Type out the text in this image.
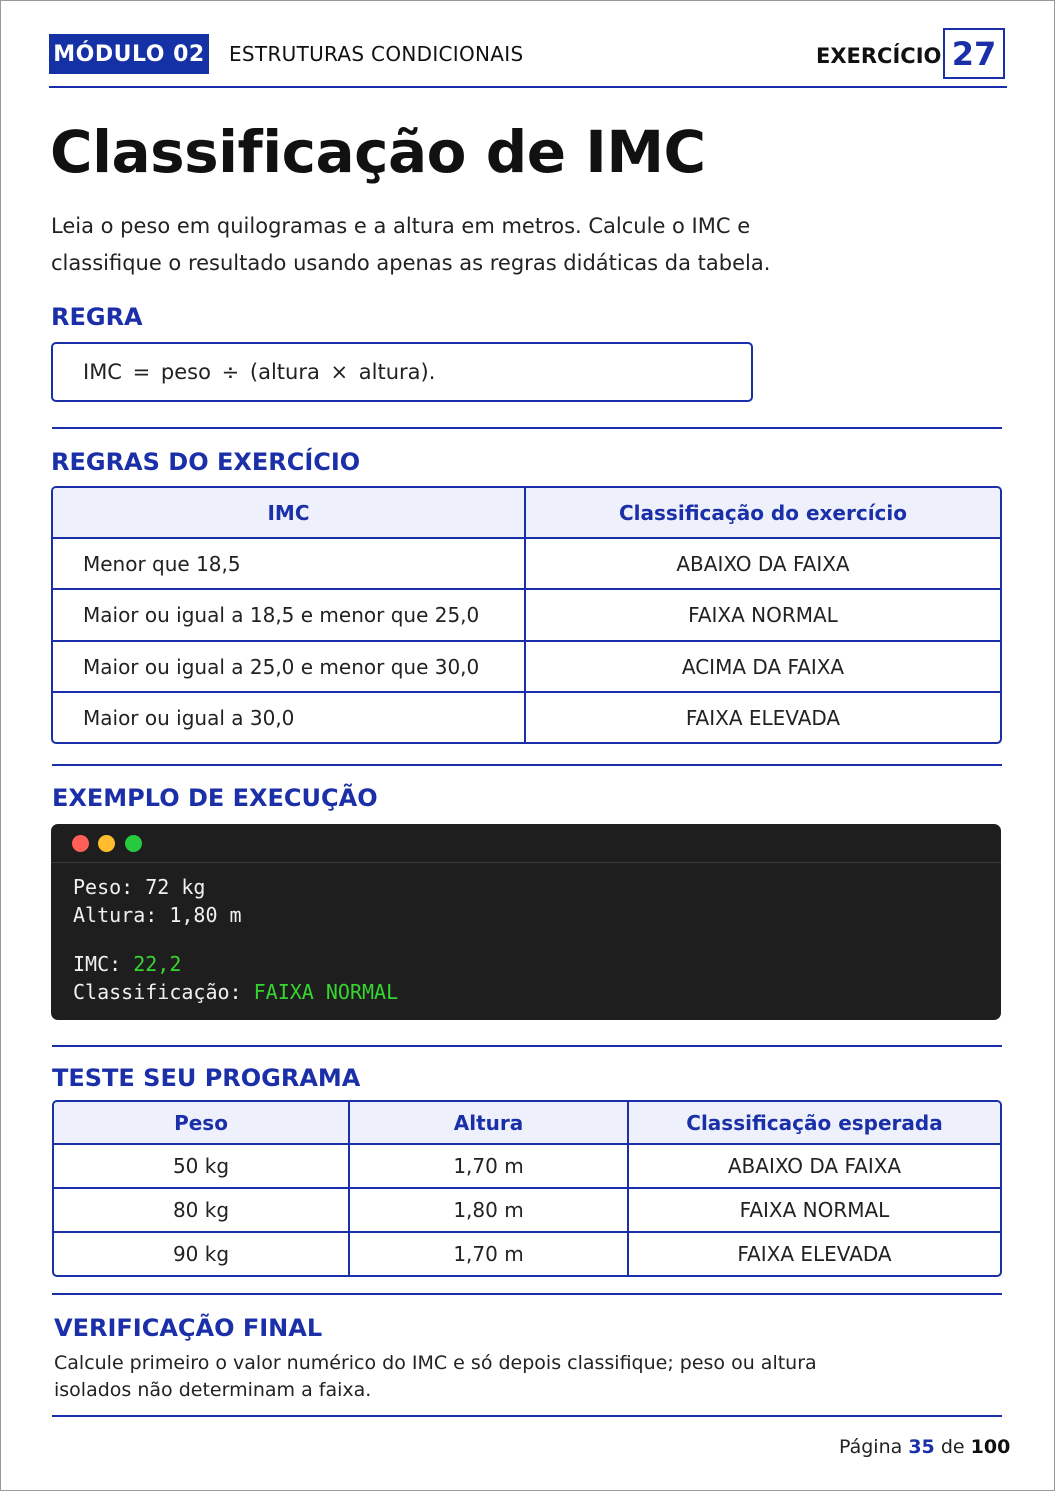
MÓDULO 02 ESTRUTURAS CONDICIONAIS	EXERCÍCIO 27
Classificação de IMC
Leia o peso em quilogramas e a altura em metros. Calcule o IMC e
classifique o resultado usando apenas as regras didáticas da tabela.
REGRA
IMC = peso ÷ (altura × altura).
REGRAS DO EXERCÍCIO
IMC	Classificação do exercício
Menor que 18,5	ABAIXO DA FAIXA
Maior ou igual a 18,5 e menor que 25,0	FAIXA NORMAL
Maior ou igual a 25,0 e menor que 30,0	ACIMA DA FAIXA
Maior ou igual a 30,0	FAIXA ELEVADA
EXEMPLO DE EXECUÇÃO
Peso: 72 kg
Altura: 1,80 m
IMC: 22,2
Classificação: FAIXA NORMAL
TESTE SEU PROGRAMA
Peso	Altura	Classificação esperada
50 kg	1,70 m	ABAIXO DA FAIXA
80 kg	1,80 m	FAIXA NORMAL
90 kg	1,70 m	FAIXA ELEVADA
VERIFICAÇÃO FINAL
Calcule primeiro o valor numérico do IMC e só depois classifique; peso ou altura
isolados não determinam a faixa.
Página 35 de 100
